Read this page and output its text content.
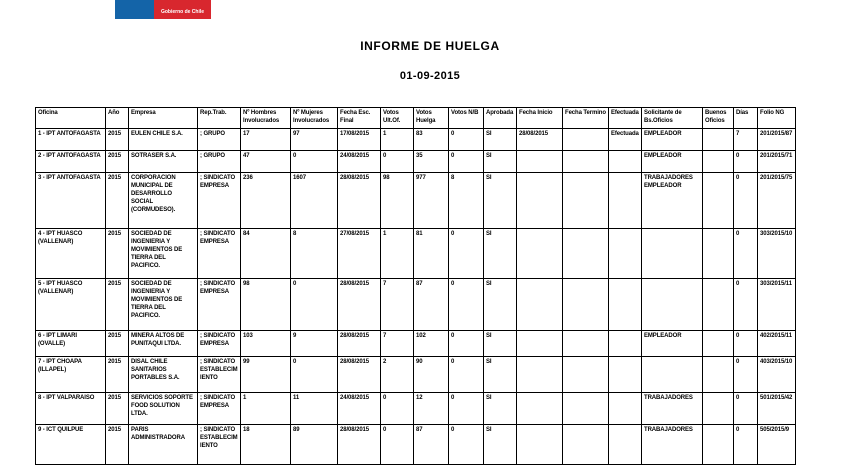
Gobierno de Chile
INFORME DE HUELGA
01-09-2015
Oficina	Año	Empresa	Rep.Trab.	Nº Hombres Involucrados	Nº Mujeres Involucrados	Fecha Esc. Final	Votos Ult.Of.	Votos Huelga	Votos N/B	Aprobada	Fecha Inicio	Fecha Termino	Efectuada	Solicitante de Bs.Oficios	Buenos Oficios	Días	Folio NG
1 - IPT ANTOFAGASTA	2015	EULEN CHILE S.A.	; GRUPO	17	97	17/08/2015	1	83	0	SI	28/08/2015		Efectuada	EMPLEADOR		7	201/2015/87
2 - IPT ANTOFAGASTA	2015	SOTRASER S.A.	; GRUPO	47	0	24/08/2015	0	35	0	SI				EMPLEADOR		0	201/2015/71
3 - IPT ANTOFAGASTA	2015	CORPORACION MUNICIPAL DE DESARROLLO SOCIAL (CORMUDESO).	; SINDICATO EMPRESA	236	1607	28/08/2015	98	977	8	SI				TRABAJADORES EMPLEADOR		0	201/2015/75
4 - IPT HUASCO (VALLENAR)	2015	SOCIEDAD DE INGENIERIA Y MOVIMIENTOS DE TIERRA DEL PACIFICO.	; SINDICATO EMPRESA	84	8	27/08/2015	1	81	0	SI						0	303/2015/10
5 - IPT HUASCO (VALLENAR)	2015	SOCIEDAD DE INGENIERIA Y MOVIMIENTOS DE TIERRA DEL PACIFICO.	; SINDICATO EMPRESA	98	0	28/08/2015	7	87	0	SI						0	303/2015/11
6 - IPT LIMARI (OVALLE)	2015	MINERA ALTOS DE PUNITAQUI LTDA.	; SINDICATO EMPRESA	103	9	28/08/2015	7	102	0	SI				EMPLEADOR		0	402/2015/11
7 - IPT CHOAPA (ILLAPEL)	2015	DISAL CHILE SANITARIOS PORTABLES S.A.	; SINDICATO ESTABLECIMIENTO	99	0	28/08/2015	2	90	0	SI						0	403/2015/10
8 - IPT VALPARAISO	2015	SERVICIOS SOPORTE FOOD SOLUTION LTDA.	; SINDICATO EMPRESA	1	11	24/08/2015	0	12	0	SI				TRABAJADORES		0	501/2015/42
9 - ICT QUILPUE	2015	PARIS ADMINISTRADORA	; SINDICATO ESTABLECIMIENTO	18	89	28/08/2015	0	87	0	SI				TRABAJADORES		0	505/2015/9
